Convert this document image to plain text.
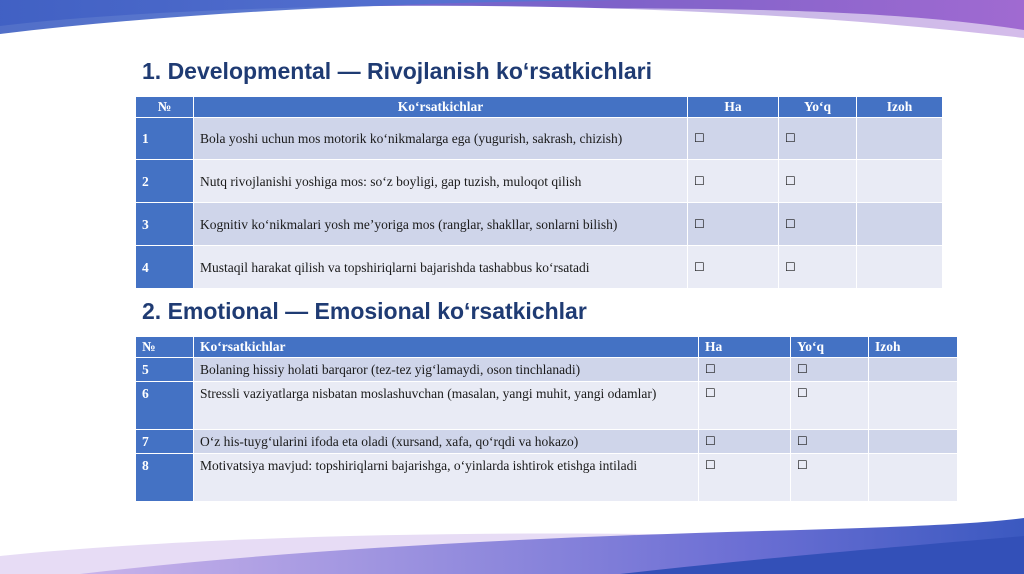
1. Developmental — Rivojlanish ko‘rsatkichlari
№	Ko‘rsatkichlar	Ha	Yo‘q	Izoh
1	Bola yoshi uchun mos motorik ko‘nikmalarga ega (yugurish, sakrash, chizish)	☐	☐	
2	Nutq rivojlanishi yoshiga mos: so‘z boyligi, gap tuzish, muloqot qilish	☐	☐	
3	Kognitiv ko‘nikmalari yosh me’yoriga mos (ranglar, shakllar, sonlarni bilish)	☐	☐	
4	Mustaqil harakat qilish va topshiriqlarni bajarishda tashabbus ko‘rsatadi	☐	☐	
2. Emotional — Emosional ko‘rsatkichlar
№	Ko‘rsatkichlar	Ha	Yo‘q	Izoh
5	Bolaning hissiy holati barqaror (tez-tez yig‘lamaydi, oson tinchlanadi)	☐	☐	
6	Stressli vaziyatlarga nisbatan moslashuvchan (masalan, yangi muhit, yangi odamlar)	☐	☐	
7	O‘z his-tuyg‘ularini ifoda eta oladi (xursand, xafa, qo‘rqdi va hokazo)	☐	☐	
8	Motivatsiya mavjud: topshiriqlarni bajarishga, o‘yinlarda ishtirok etishga intiladi	☐	☐	
